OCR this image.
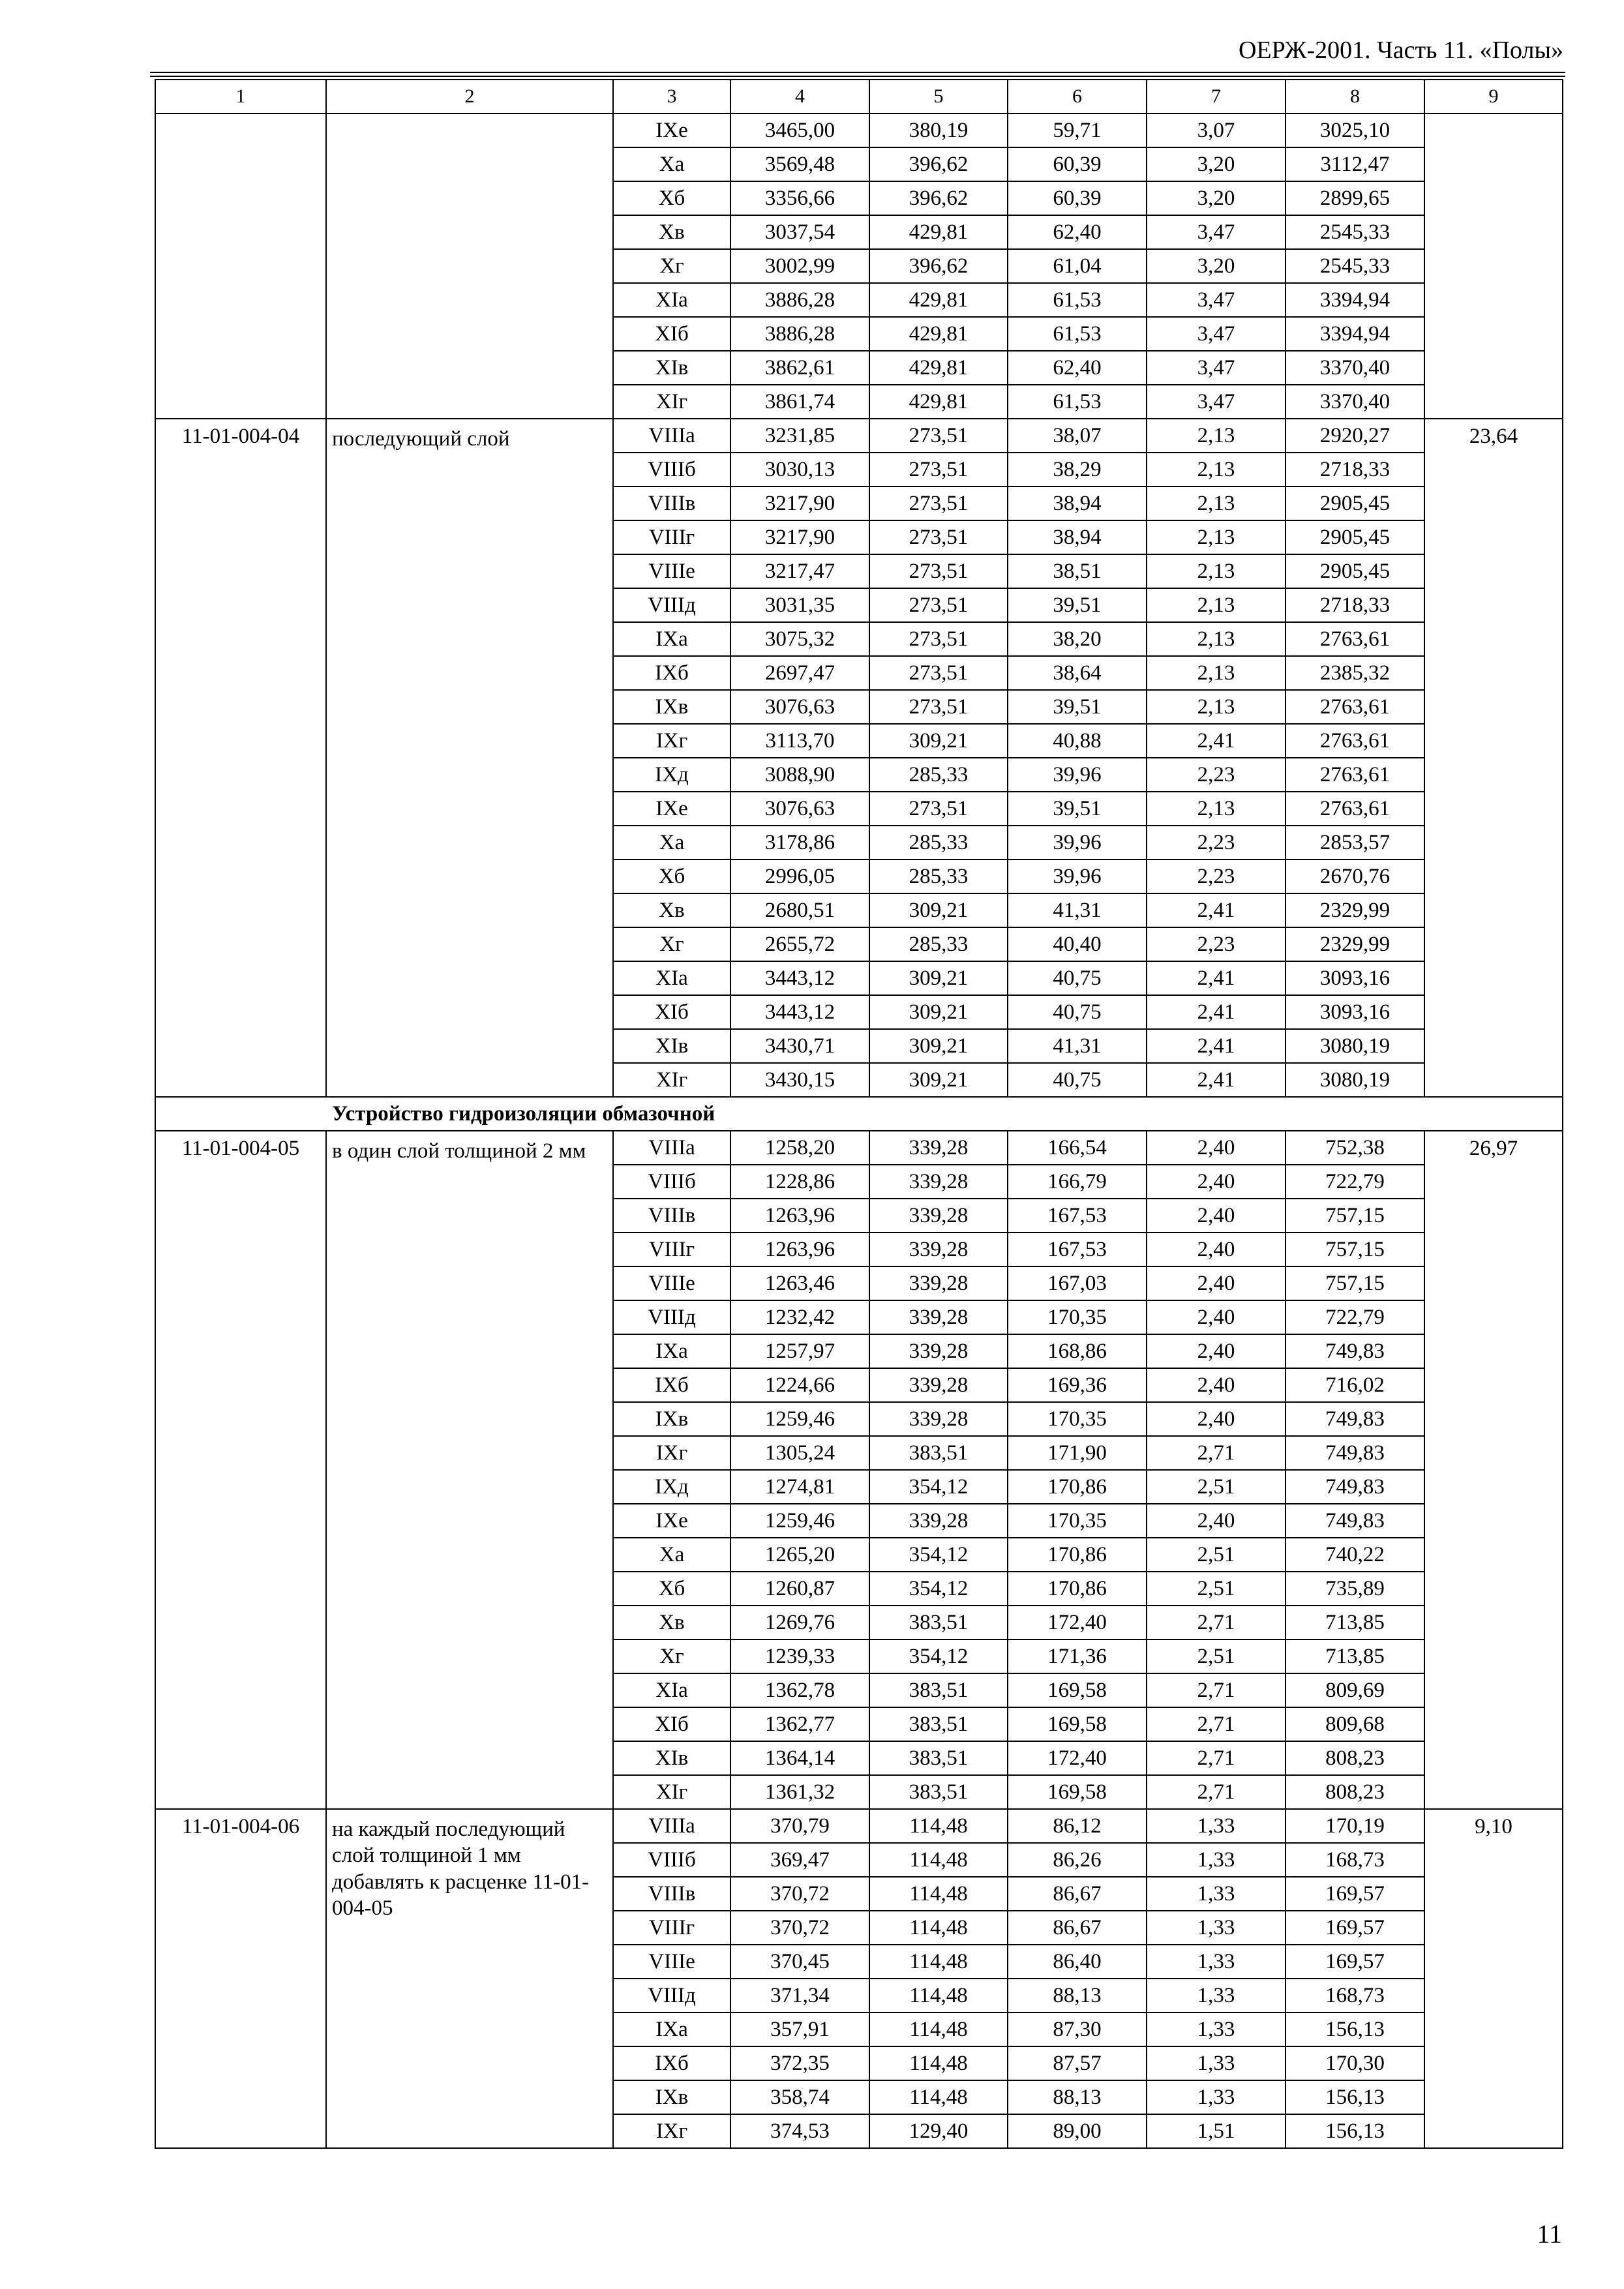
ОЕРЖ-2001. Часть 11. «Полы»
1	2	3	4	5	6	7	8	9
		IXе	3465,00	380,19	59,71	3,07	3025,10	
		Xа	3569,48	396,62	60,39	3,20	3112,47	
		Xб	3356,66	396,62	60,39	3,20	2899,65	
		Xв	3037,54	429,81	62,40	3,47	2545,33	
		Xг	3002,99	396,62	61,04	3,20	2545,33	
		XIа	3886,28	429,81	61,53	3,47	3394,94	
		XIб	3886,28	429,81	61,53	3,47	3394,94	
		XIв	3862,61	429,81	62,40	3,47	3370,40	
		XIг	3861,74	429,81	61,53	3,47	3370,40	
11-01-004-04	последующий слой	VIIIа	3231,85	273,51	38,07	2,13	2920,27	23,64
		VIIIб	3030,13	273,51	38,29	2,13	2718,33	
		VIIIв	3217,90	273,51	38,94	2,13	2905,45	
		VIIIг	3217,90	273,51	38,94	2,13	2905,45	
		VIIIе	3217,47	273,51	38,51	2,13	2905,45	
		VIIIд	3031,35	273,51	39,51	2,13	2718,33	
		IXа	3075,32	273,51	38,20	2,13	2763,61	
		IXб	2697,47	273,51	38,64	2,13	2385,32	
		IXв	3076,63	273,51	39,51	2,13	2763,61	
		IXг	3113,70	309,21	40,88	2,41	2763,61	
		IXд	3088,90	285,33	39,96	2,23	2763,61	
		IXе	3076,63	273,51	39,51	2,13	2763,61	
		Xа	3178,86	285,33	39,96	2,23	2853,57	
		Xб	2996,05	285,33	39,96	2,23	2670,76	
		Xв	2680,51	309,21	41,31	2,41	2329,99	
		Xг	2655,72	285,33	40,40	2,23	2329,99	
		XIа	3443,12	309,21	40,75	2,41	3093,16	
		XIб	3443,12	309,21	40,75	2,41	3093,16	
		XIв	3430,71	309,21	41,31	2,41	3080,19	
		XIг	3430,15	309,21	40,75	2,41	3080,19	
Устройство гидроизоляции обмазочной								
11-01-004-05	в один слой толщиной 2 мм	VIIIа	1258,20	339,28	166,54	2,40	752,38	26,97
		VIIIб	1228,86	339,28	166,79	2,40	722,79	
		VIIIв	1263,96	339,28	167,53	2,40	757,15	
		VIIIг	1263,96	339,28	167,53	2,40	757,15	
		VIIIе	1263,46	339,28	167,03	2,40	757,15	
		VIIIд	1232,42	339,28	170,35	2,40	722,79	
		IXа	1257,97	339,28	168,86	2,40	749,83	
		IXб	1224,66	339,28	169,36	2,40	716,02	
		IXв	1259,46	339,28	170,35	2,40	749,83	
		IXг	1305,24	383,51	171,90	2,71	749,83	
		IXд	1274,81	354,12	170,86	2,51	749,83	
		IXе	1259,46	339,28	170,35	2,40	749,83	
		Xа	1265,20	354,12	170,86	2,51	740,22	
		Xб	1260,87	354,12	170,86	2,51	735,89	
		Xв	1269,76	383,51	172,40	2,71	713,85	
		Xг	1239,33	354,12	171,36	2,51	713,85	
		XIа	1362,78	383,51	169,58	2,71	809,69	
		XIб	1362,77	383,51	169,58	2,71	809,68	
		XIв	1364,14	383,51	172,40	2,71	808,23	
		XIг	1361,32	383,51	169,58	2,71	808,23	
11-01-004-06	на каждый последующий слой толщиной 1 мм добавлять к расценке 11-01-004-05	VIIIа	370,79	114,48	86,12	1,33	170,19	9,10
		VIIIб	369,47	114,48	86,26	1,33	168,73	
		VIIIв	370,72	114,48	86,67	1,33	169,57	
		VIIIг	370,72	114,48	86,67	1,33	169,57	
		VIIIе	370,45	114,48	86,40	1,33	169,57	
		VIIIд	371,34	114,48	88,13	1,33	168,73	
		IXа	357,91	114,48	87,30	1,33	156,13	
		IXб	372,35	114,48	87,57	1,33	170,30	
		IXв	358,74	114,48	88,13	1,33	156,13	
		IXг	374,53	129,40	89,00	1,51	156,13	
11
